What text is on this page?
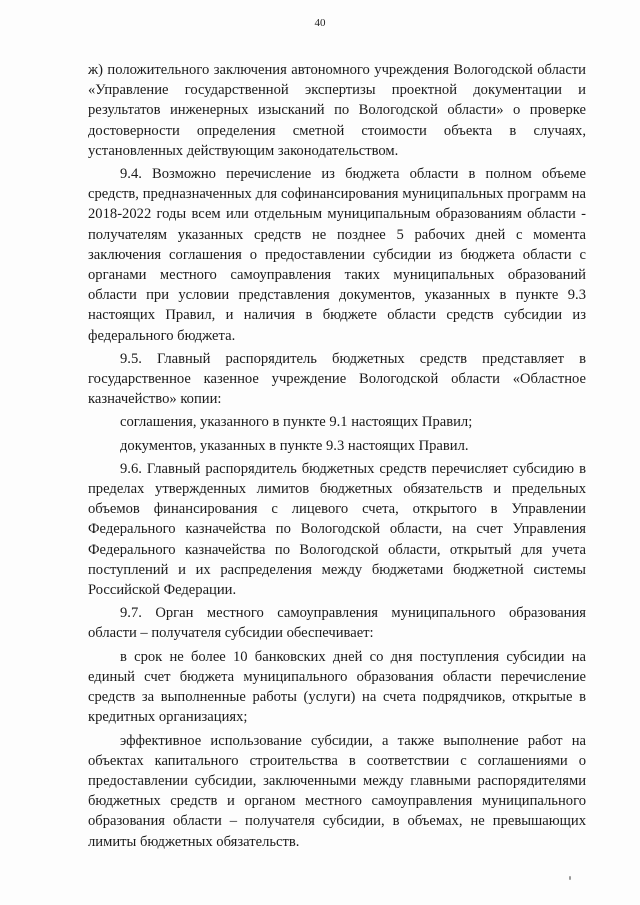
40

ж) положительного заключения автономного учреждения Вологодской области «Управление государственной экспертизы проектной документации и результатов инженерных изысканий по Вологодской области» о проверке достоверности определения сметной стоимости объекта в случаях, установленных действующим законодательством.

9.4. Возможно перечисление из бюджета области в полном объеме средств, предназначенных для софинансирования муниципальных программ на 2018-2022 годы всем или отдельным муниципальным образованиям области - получателям указанных средств не позднее 5 рабочих дней с момента заключения соглашения о предоставлении субсидии из бюджета области с органами местного самоуправления таких муниципальных образований области при условии представления документов, указанных в пункте 9.3 настоящих Правил, и наличия в бюджете области средств субсидии из федерального бюджета.

9.5. Главный распорядитель бюджетных средств представляет в государственное казенное учреждение Вологодской области «Областное казначейство» копии:

соглашения, указанного в пункте 9.1 настоящих Правил;

документов, указанных в пункте 9.3 настоящих Правил.

9.6. Главный распорядитель бюджетных средств перечисляет субсидию в пределах утвержденных лимитов бюджетных обязательств и предельных объемов финансирования с лицевого счета, открытого в Управлении Федерального казначейства по Вологодской области, на счет Управления Федерального казначейства по Вологодской области, открытый для учета поступлений и их распределения между бюджетами бюджетной системы Российской Федерации.

9.7. Орган местного самоуправления муниципального образования области – получателя субсидии обеспечивает:

в срок не более 10 банковских дней со дня поступления субсидии на единый счет бюджета муниципального образования области перечисление средств за выполненные работы (услуги) на счета подрядчиков, открытые в кредитных организациях;

эффективное использование субсидии, а также выполнение работ на объектах капитального строительства в соответствии с соглашениями о предоставлении субсидии, заключенными между главными распорядителями бюджетных средств и органом местного самоуправления муниципального образования области – получателя субсидии, в объемах, не превышающих лимиты бюджетных обязательств.
